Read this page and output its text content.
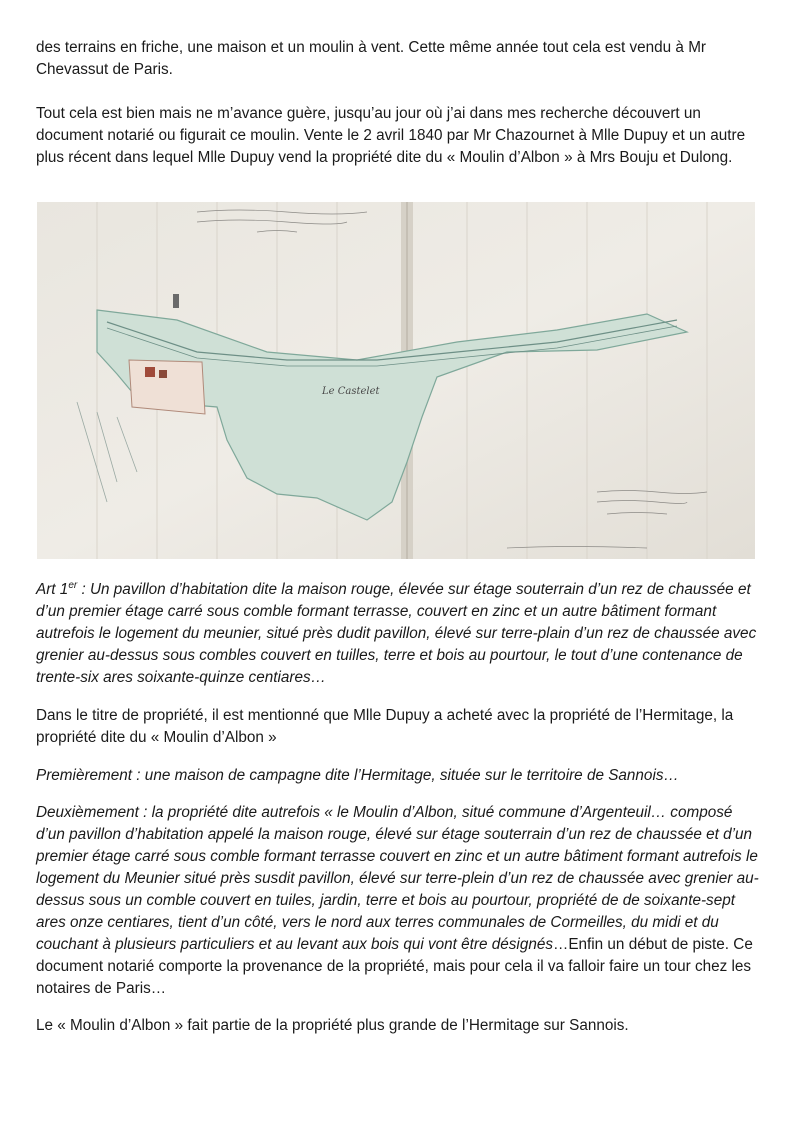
des terrains en friche, une maison et un moulin à vent. Cette même année tout cela est vendu à Mr Chevassut de Paris.

Tout cela est bien mais ne m’avance guère, jusqu’au jour où j’ai dans mes recherche découvert un document notarié ou figurait ce moulin. Vente le 2 avril 1840 par Mr Chazournet à Mlle Dupuy et un autre plus récent dans lequel Mlle Dupuy vend la propriété dite du « Moulin d’Albon » à Mrs Bouju et Dulong.

Le Castelet

Art 1er : Un pavillon d’habitation dite la maison rouge, élevée sur étage souterrain d’un rez de chaussée et d’un premier étage carré sous comble formant terrasse, couvert en zinc et un autre bâtiment formant autrefois le logement du meunier, situé près dudit pavillon, élevé sur terre-plain d’un rez de chaussée avec grenier au-dessus sous combles couvert en tuilles, terre et bois au pourtour, le tout d’une contenance de trente-six ares soixante-quinze centiares…

Dans le titre de propriété, il est mentionné que Mlle Dupuy a acheté avec la propriété de l’Hermitage, la propriété dite du « Moulin d’Albon »

Premièrement : une maison de campagne dite l’Hermitage, située sur le territoire de Sannois…

Deuxièmement : la propriété dite autrefois « le Moulin d’Albon, situé commune d’Argenteuil… composé d’un pavillon d’habitation appelé la maison rouge, élevé sur étage souterrain d’un rez de chaussée et d’un premier étage carré sous comble formant terrasse couvert en zinc et un autre bâtiment formant autrefois le logement du Meunier situé près susdit pavillon, élevé sur terre-plein d’un rez de chaussée avec grenier au-dessus sous un comble couvert en tuiles, jardin, terre et bois au pourtour, propriété de de soixante-sept ares onze centiares, tient d’un côté, vers le nord aux terres communales de Cormeilles, du midi et du couchant à plusieurs particuliers et au levant aux bois qui vont être désignés…Enfin un début de piste. Ce document notarié comporte la provenance de la propriété, mais pour cela il va falloir faire un tour chez les notaires de Paris…

Le « Moulin d’Albon » fait partie de la propriété plus grande de l’Hermitage sur Sannois.
